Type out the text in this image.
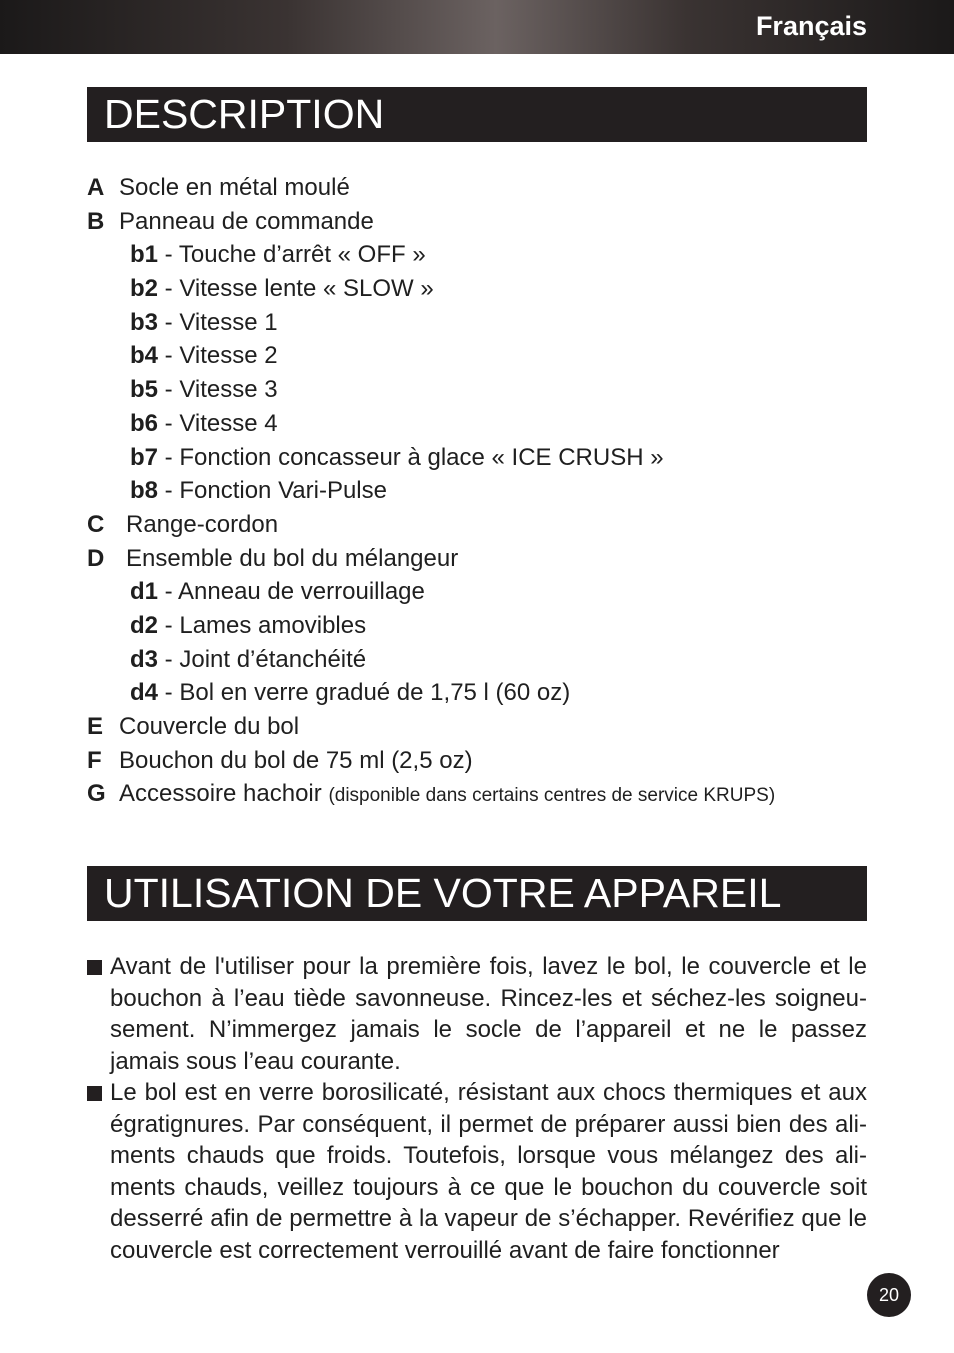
Français
DESCRIPTION
A Socle en métal moulé
B Panneau de commande
b1 - Touche d’arrêt « OFF »
b2 - Vitesse lente « SLOW »
b3 - Vitesse 1
b4 - Vitesse 2
b5 - Vitesse 3
b6 - Vitesse 4
b7 - Fonction concasseur à glace « ICE CRUSH »
b8 - Fonction Vari-Pulse
C Range-cordon
D Ensemble du bol du mélangeur
d1 - Anneau de verrouillage
d2 - Lames amovibles
d3 - Joint d’étanchéité
d4 - Bol en verre gradué de 1,75 l (60 oz)
E Couvercle du bol
F Bouchon du bol de 75 ml (2,5 oz)
G Accessoire hachoir (disponible dans certains centres de service KRUPS)
UTILISATION DE VOTRE APPAREIL
Avant de l'utiliser pour la première fois, lavez le bol, le couvercle et le bouchon à l’eau tiède savonneuse. Rincez-les et séchez-les soigneusement. N’immergez jamais le socle de l’appareil et ne le passez jamais sous l’eau courante.
Le bol est en verre borosilicaté, résistant aux chocs thermiques et aux égratignures. Par conséquent, il permet de préparer aussi bien des aliments chauds que froids. Toutefois, lorsque vous mélangez des aliments chauds, veillez toujours à ce que le bouchon du couvercle soit desserré afin de permettre à la vapeur de s’échapper. Revérifiez que le couvercle est correctement verrouillé avant de faire fonctionner
20
